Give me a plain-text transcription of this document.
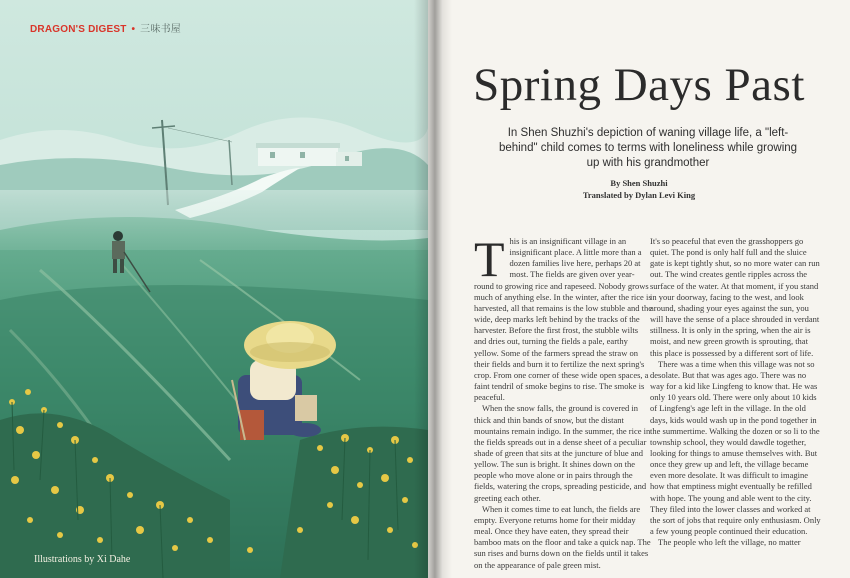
DRAGON'S DIGEST • 三味书屋
Illustrations by Xi Dahe
Spring Days Past
In Shen Shuzhi's depiction of waning village life, a "left-behind" child comes to terms with loneliness while growing up with his grandmother
By Shen Shuzhi
Translated by Dylan Levi King

This is an insignificant village in an insignificant place. A little more than a dozen families live here, perhaps 20 at most. The fields are given over year-round to growing rice and rapeseed. Nobody grows much of anything else. In the winter, after the rice is harvested, all that remains is the low stubble and the wide, deep marks left behind by the tracks of the harvester. Before the first frost, the stubble wilts and dries out, turning the fields a pale, earthy yellow. Some of the farmers spread the straw on their fields and burn it to fertilize the next spring's crop. From one corner of these wide open spaces, a faint tendril of smoke begins to rise. The smoke is peaceful.

When the snow falls, the ground is covered in thick and thin bands of snow, but the distant mountains remain indigo. In the summer, the rice in the fields spreads out in a dense sheet of a peculiar shade of green that sits at the juncture of blue and yellow. The sun is bright. It shines down on the people who move alone or in pairs through the fields, watering the crops, spreading pesticide, and greeting each other.

When it comes time to eat lunch, the fields are empty. Everyone returns home for their midday meal. Once they have eaten, they spread their bamboo mats on the floor and take a quick nap. The sun rises and burns down on the fields until it takes on the appearance of pale green mist.

It's so peaceful that even the grasshoppers go quiet. The pond is only half full and the sluice gate is kept tightly shut, so no more water can run out. The wind creates gentle ripples across the surface of the water. At that moment, if you stand in your doorway, facing to the west, and look around, shading your eyes against the sun, you will have the sense of a place shrouded in verdant stillness. It is only in the spring, when the air is moist, and new green growth is sprouting, that this place is possessed by a different sort of life.

There was a time when this village was not so desolate. But that was ages ago. There was no way for a kid like Lingfeng to know that. He was only 10 years old. There were only about 10 kids of Lingfeng's age left in the village. In the old days, kids would wash up in the pond together in the summertime. Walking the dozen or so li to the township school, they would dawdle together, looking for things to amuse themselves with. But once they grew up and left, the village became even more desolate. It was difficult to imagine how that emptiness might eventually be refilled with hope. The young and able went to the city. They filed into the lower classes and worked at the sort of jobs that require only enthusiasm. Only a few young people continued their education.

The people who left the village, no matter
